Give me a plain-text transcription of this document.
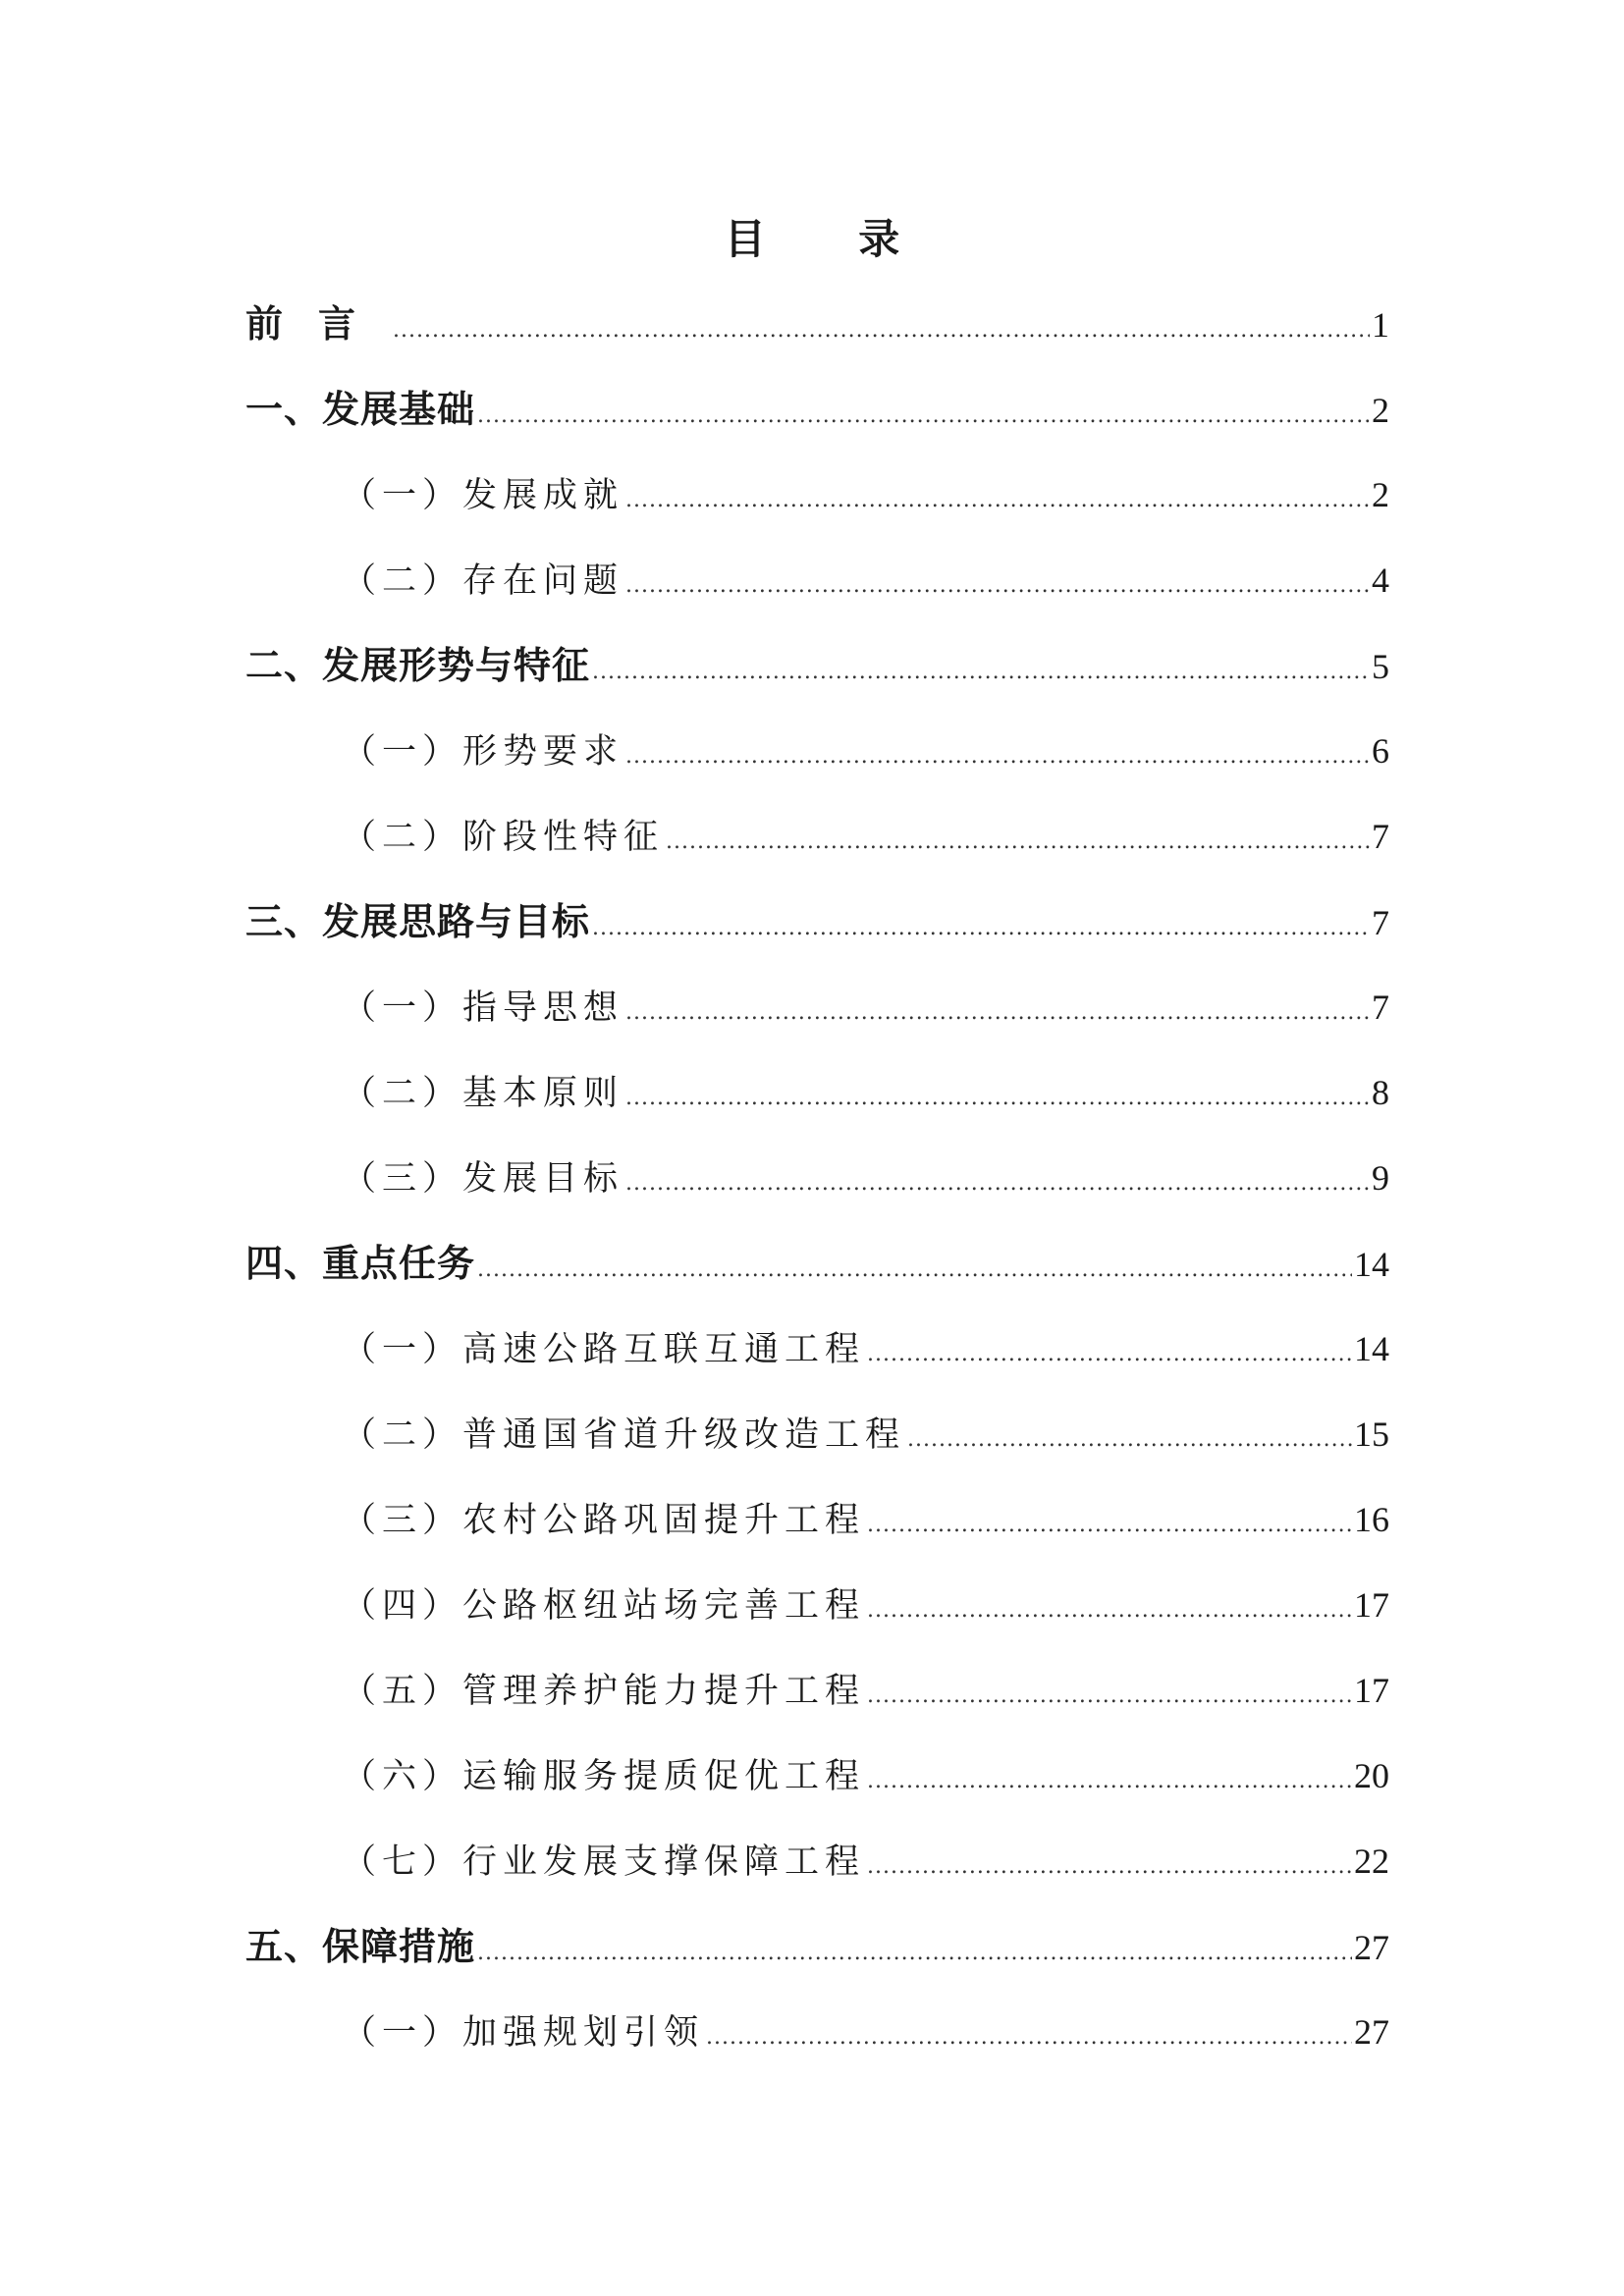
目 录
前言 .....	1
一、发展基础 .....	2
（一）发展成就 .....	2
（二）存在问题 .....	4
二、发展形势与特征 .....	5
（一）形势要求 .....	6
（二）阶段性特征 .....	7
三、发展思路与目标 .....	7
（一）指导思想 .....	7
（二）基本原则 .....	8
（三）发展目标 .....	9
四、重点任务 .....	14
（一）高速公路互联互通工程 .....	14
（二）普通国省道升级改造工程 .....	15
（三）农村公路巩固提升工程 .....	16
（四）公路枢纽站场完善工程 .....	17
（五）管理养护能力提升工程 .....	17
（六）运输服务提质促优工程 .....	20
（七）行业发展支撑保障工程 .....	22
五、保障措施 .....	27
（一）加强规划引领 .....	27
